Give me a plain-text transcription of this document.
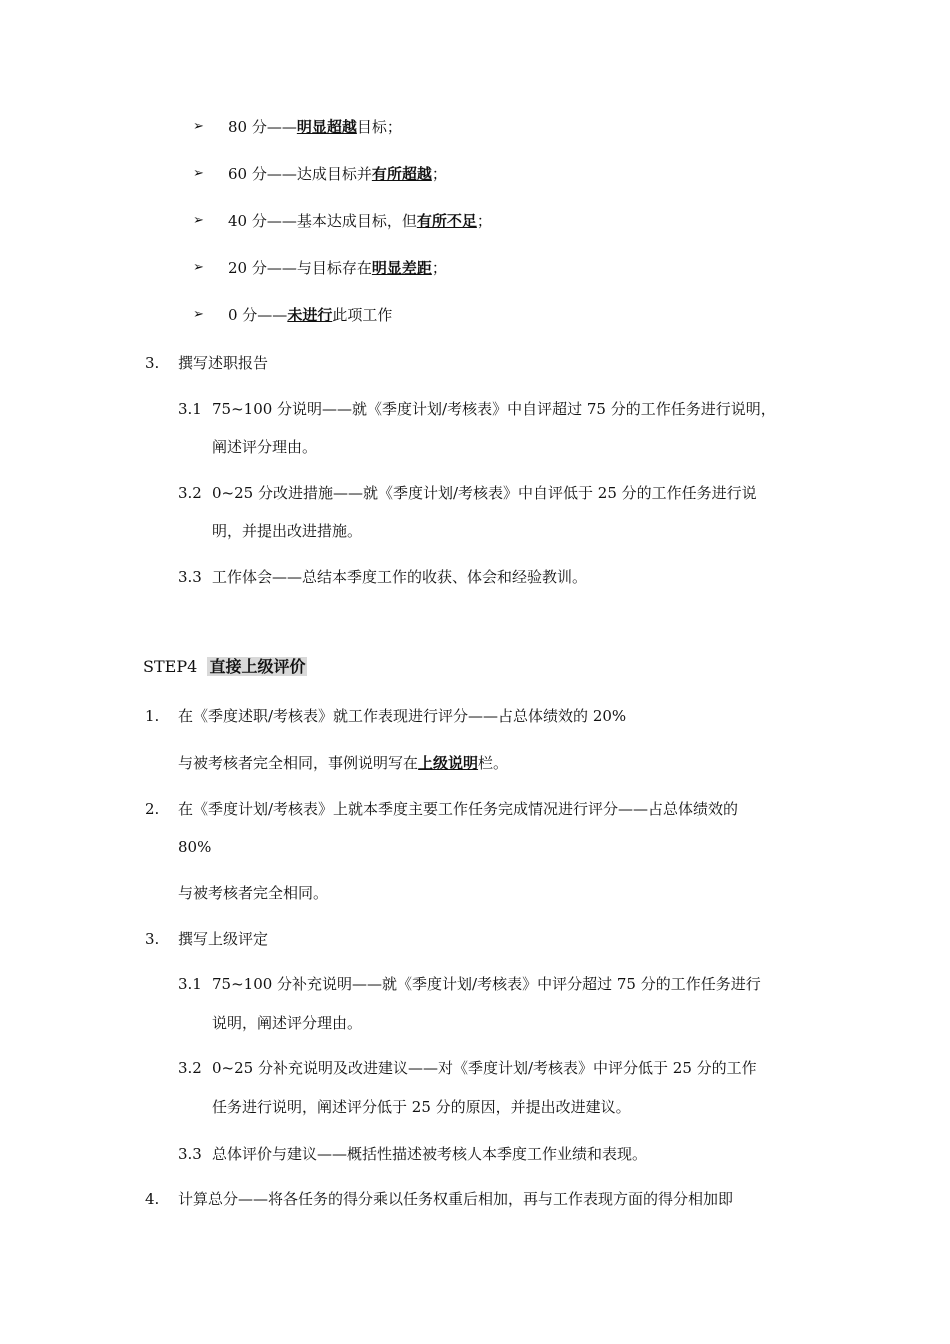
➢ 80 分——明显超越目标；
➢ 60 分——达成目标并有所超越；
➢ 40 分——基本达成目标，但有所不足；
➢ 20 分——与目标存在明显差距；
➢ 0 分——未进行此项工作
3. 撰写述职报告
3.1 75~100 分说明——就《季度计划/考核表》中自评超过 75 分的工作任务进行说明，
阐述评分理由。
3.2 0~25 分改进措施——就《季度计划/考核表》中自评低于 25 分的工作任务进行说
明，并提出改进措施。
3.3 工作体会——总结本季度工作的收获、体会和经验教训。
STEP4 直接上级评价
1. 在《季度述职/考核表》就工作表现进行评分——占总体绩效的 20%
与被考核者完全相同，事例说明写在上级说明栏。
2. 在《季度计划/考核表》上就本季度主要工作任务完成情况进行评分——占总体绩效的
80%
与被考核者完全相同。
3. 撰写上级评定
3.1 75~100 分补充说明——就《季度计划/考核表》中评分超过 75 分的工作任务进行
说明，阐述评分理由。
3.2 0~25 分补充说明及改进建议——对《季度计划/考核表》中评分低于 25 分的工作
任务进行说明，阐述评分低于 25 分的原因，并提出改进建议。
3.3 总体评价与建议——概括性描述被考核人本季度工作业绩和表现。
4. 计算总分——将各任务的得分乘以任务权重后相加，再与工作表现方面的得分相加即
